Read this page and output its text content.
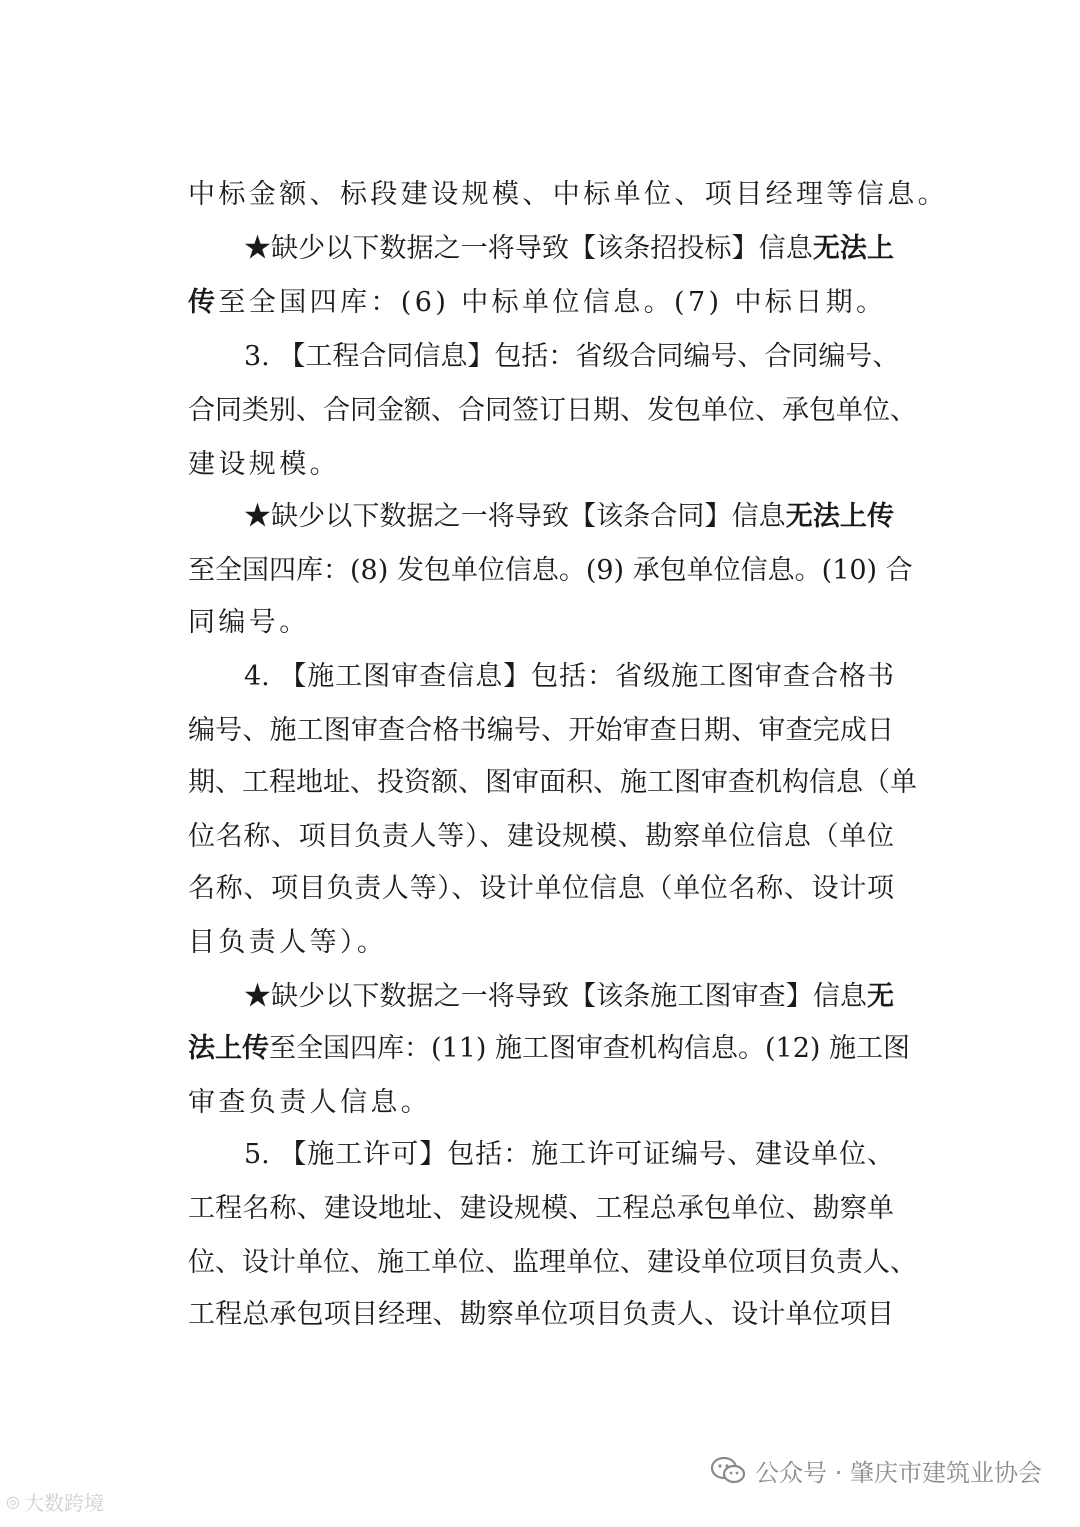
中标金额、标段建设规模、中标单位、项目经理等信息。
★缺少以下数据之一将导致【该条招投标】信息无法上
传至全国四库：(6) 中标单位信息。(7) 中标日期。
3. 【工程合同信息】包括：省级合同编号、合同编号、
合同类别、合同金额、合同签订日期、发包单位、承包单位、
建设规模。
★缺少以下数据之一将导致【该条合同】信息无法上传
至全国四库：(8) 发包单位信息。(9) 承包单位信息。(10) 合
同编号。
4. 【施工图审查信息】包括：省级施工图审查合格书
编号、施工图审查合格书编号、开始审查日期、审查完成日
期、工程地址、投资额、图审面积、施工图审查机构信息（单
位名称、项目负责人等）、建设规模、勘察单位信息（单位
名称、项目负责人等）、设计单位信息（单位名称、设计项
目负责人等）。
★缺少以下数据之一将导致【该条施工图审查】信息无
法上传至全国四库：(11) 施工图审查机构信息。(12) 施工图
审查负责人信息。
5. 【施工许可】包括：施工许可证编号、建设单位、
工程名称、建设地址、建设规模、工程总承包单位、勘察单
位、设计单位、施工单位、监理单位、建设单位项目负责人、
工程总承包项目经理、勘察单位项目负责人、设计单位项目
公众号 · 肇庆市建筑业协会
◎ 大数跨境
